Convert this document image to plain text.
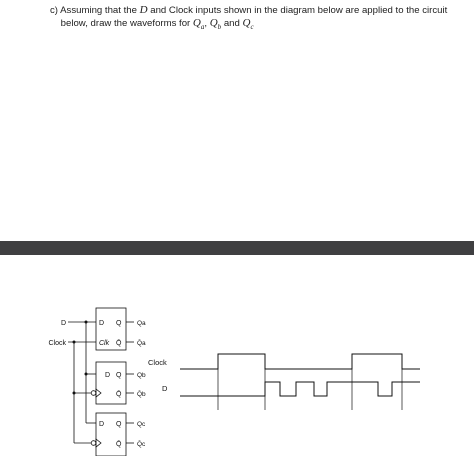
c) Assuming that the D and Clock inputs shown in the diagram below are applied to the circuit
below, draw the waveforms for $Q_a$, $Q_b$ and $Q_c$
D
Clock
D Q
Clk Q̄
D Q
Q̄
D Q
Q̄
Qa
Q̄a
Qb
Q̄b
Qc
Q̄c
Clock
D
